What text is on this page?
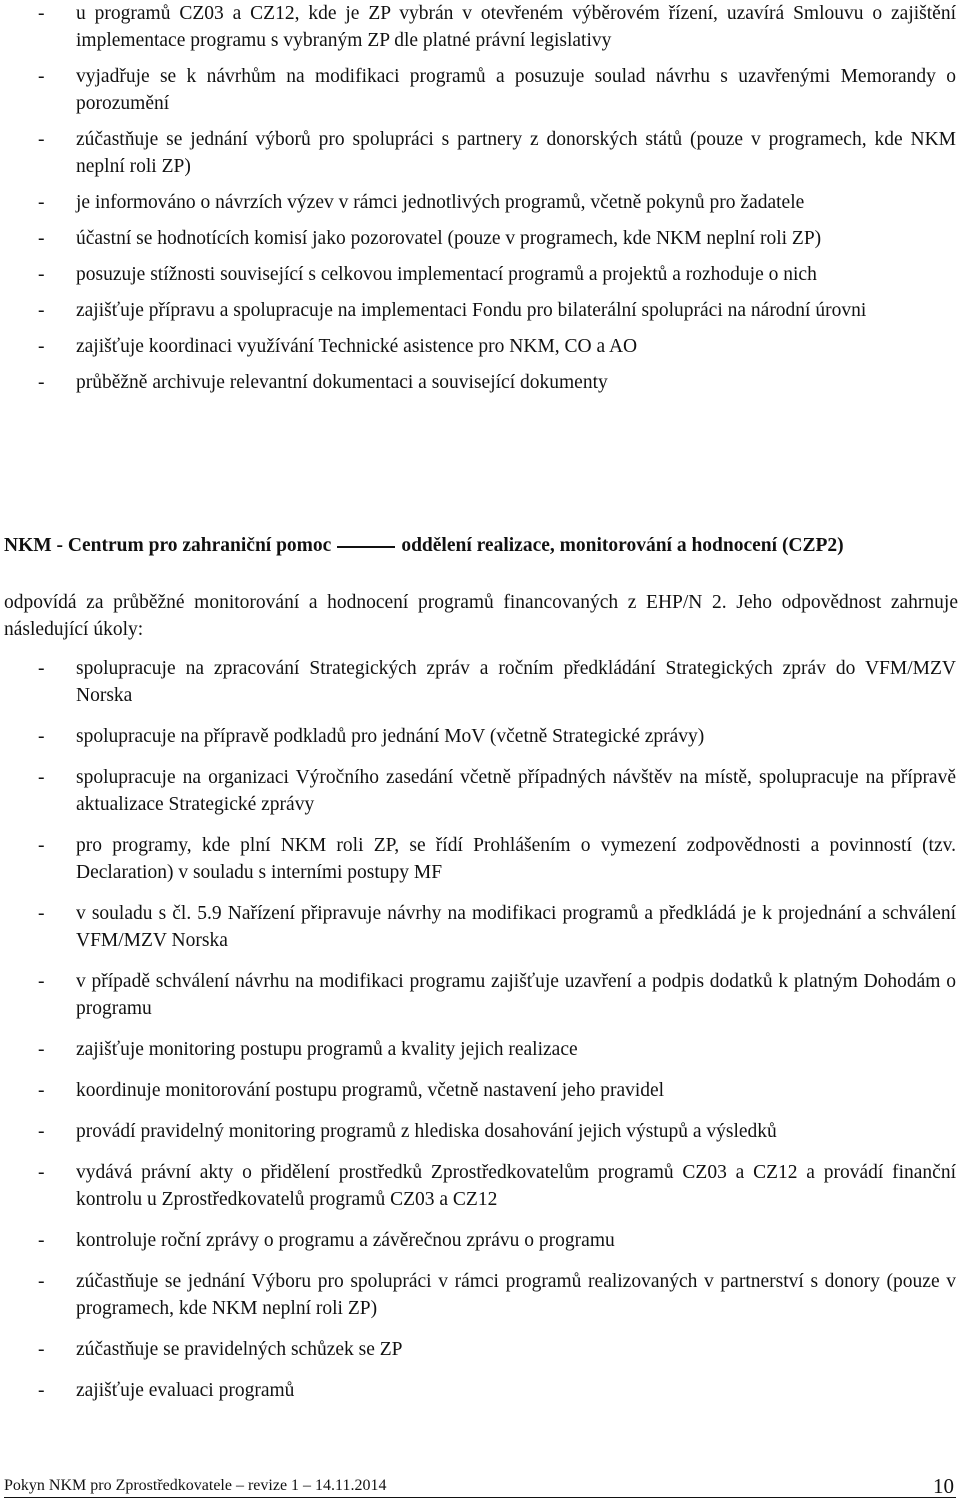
- u programů CZ03 a CZ12, kde je ZP vybrán v otevřeném výběrovém řízení, uzavírá Smlouvu o zajištění implementace programu s vybraným ZP dle platné právní legislativy
- vyjadřuje se k návrhům na modifikaci programů a posuzuje soulad návrhu s uzavřenými Memorandy o porozumění
- zúčastňuje se jednání výborů pro spolupráci s partnery z donorských států (pouze v programech, kde NKM neplní roli ZP)
- je informováno o návrzích výzev v rámci jednotlivých programů, včetně pokynů pro žadatele
- účastní se hodnotících komisí jako pozorovatel (pouze v programech, kde NKM neplní roli ZP)
- posuzuje stížnosti související s celkovou implementací programů a projektů a rozhoduje o nich
- zajišťuje přípravu a spolupracuje na implementaci Fondu pro bilaterální spolupráci na národní úrovni
- zajišťuje koordinaci využívání Technické asistence pro NKM, CO a AO
- průběžně archivuje relevantní dokumentaci a související dokumenty
NKM - Centrum pro zahraniční pomoc	oddělení realizace, monitorování a hodnocení (CZP2)

odpovídá za průběžné monitorování a hodnocení programů financovaných z EHP/N 2. Jeho odpovědnost zahrnuje následující úkoly:

- spolupracuje na zpracování Strategických zpráv a ročním předkládání Strategických zpráv do VFM/MZV Norska
- spolupracuje na přípravě podkladů pro jednání MoV (včetně Strategické zprávy)
- spolupracuje na organizaci Výročního zasedání včetně případných návštěv na místě, spolupracuje na přípravě aktualizace Strategické zprávy
- pro programy, kde plní NKM roli ZP, se řídí Prohlášením o vymezení zodpovědnosti a povinností (tzv. Declaration) v souladu s interními postupy MF
- v souladu s čl. 5.9 Nařízení připravuje návrhy na modifikaci programů a předkládá je k projednání a schválení VFM/MZV Norska
- v případě schválení návrhu na modifikaci programu zajišťuje uzavření a podpis dodatků k platným Dohodám o programu
- zajišťuje monitoring postupu programů a kvality jejich realizace
- koordinuje monitorování postupu programů, včetně nastavení jeho pravidel
- provádí pravidelný monitoring programů z hlediska dosahování jejich výstupů a výsledků
- vydává právní akty o přidělení prostředků Zprostředkovatelům programů CZ03 a CZ12 a provádí finanční kontrolu u Zprostředkovatelů programů CZ03 a CZ12
- kontroluje roční zprávy o programu a závěrečnou zprávu o programu
- zúčastňuje se jednání Výboru pro spolupráci v rámci programů realizovaných v partnerství s donory (pouze v programech, kde NKM neplní roli ZP)
- zúčastňuje se pravidelných schůzek se ZP
- zajišťuje evaluaci programů
Pokyn NKM pro Zprostředkovatele – revize 1 – 14.11.2014	10
